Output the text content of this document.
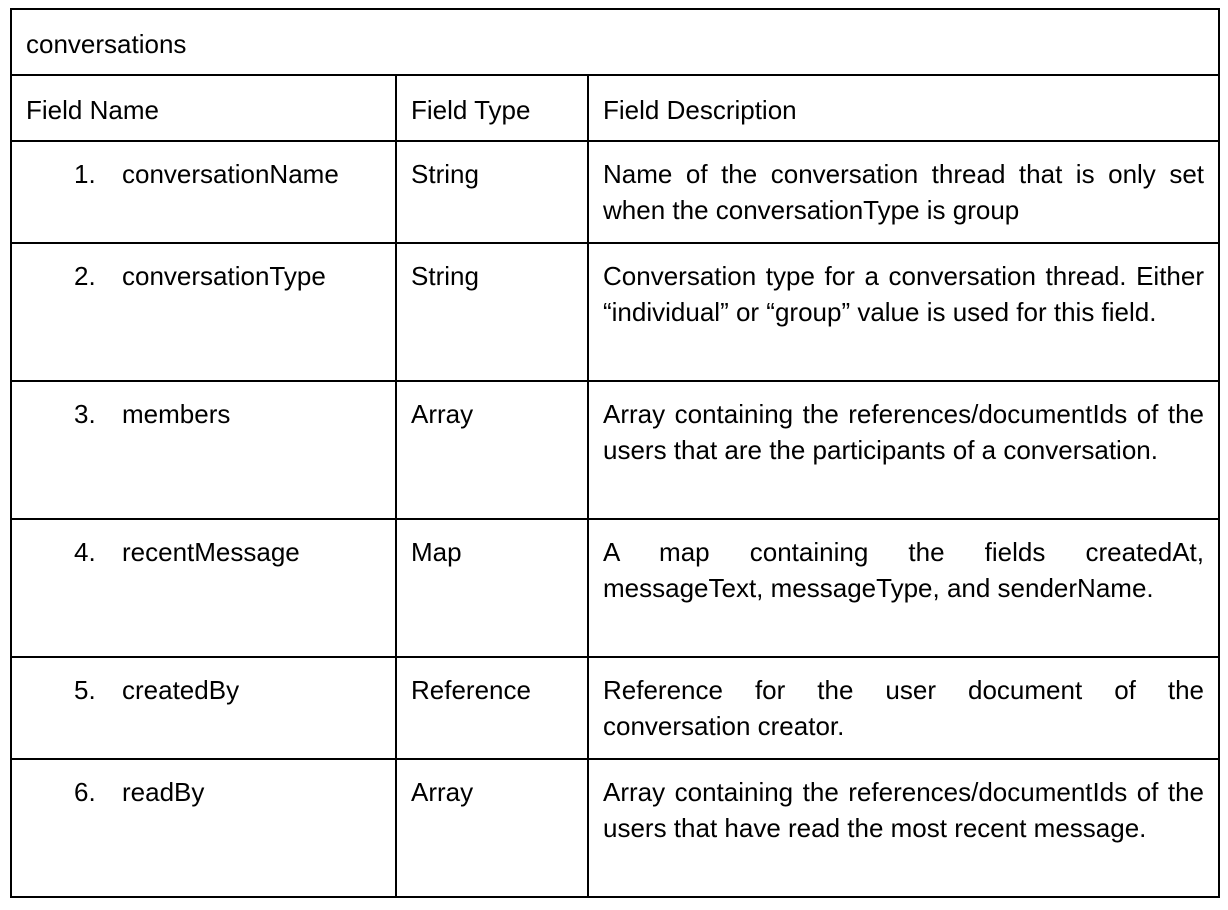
conversations		
Field Name	Field Type	Field Description
1. conversationName	String	Name of the conversation thread that is only set when the conversationType is group
2. conversationType	String	Conversation type for a conversation thread. Either “individual” or “group” value is used for this field.
3. members	Array	Array containing the references/documentIds of the users that are the participants of a conversation.
4. recentMessage	Map	A map containing the fields createdAt, messageText, messageType, and senderName.
5. createdBy	Reference	Reference for the user document of the conversation creator.
6. readBy	Array	Array containing the references/documentIds of the users that have read the most recent message.
